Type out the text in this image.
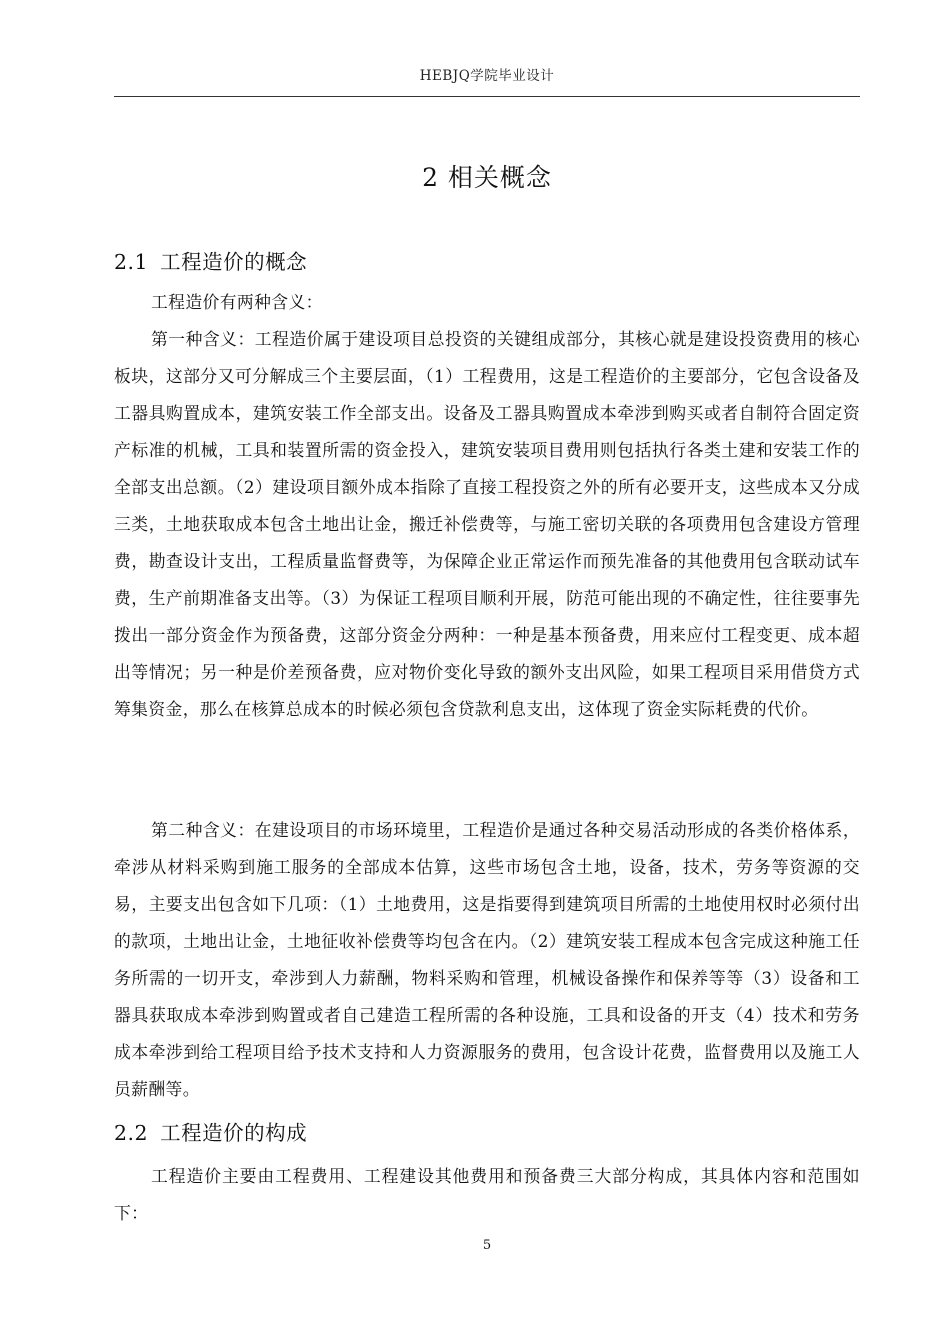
HEBJQ学院毕业设计
2 相关概念
2.1 工程造价的概念

工程造价有两种含义：

第一种含义：工程造价属于建设项目总投资的关键组成部分，其核心就是建设投资费用的核心板块，这部分又可分解成三个主要层面，（1）工程费用，这是工程造价的主要部分，它包含设备及工器具购置成本，建筑安装工作全部支出。设备及工器具购置成本牵涉到购买或者自制符合固定资产标准的机械，工具和装置所需的资金投入，建筑安装项目费用则包括执行各类土建和安装工作的全部支出总额。（2）建设项目额外成本指除了直接工程投资之外的所有必要开支，这些成本又分成三类，土地获取成本包含土地出让金，搬迁补偿费等，与施工密切关联的各项费用包含建设方管理费，勘查设计支出，工程质量监督费等，为保障企业正常运作而预先准备的其他费用包含联动试车费，生产前期准备支出等。（3）为保证工程项目顺利开展，防范可能出现的不确定性，往往要事先拨出一部分资金作为预备费，这部分资金分两种：一种是基本预备费，用来应付工程变更、成本超出等情况；另一种是价差预备费，应对物价变化导致的额外支出风险，如果工程项目采用借贷方式筹集资金，那么在核算总成本的时候必须包含贷款利息支出，这体现了资金实际耗费的代价。

第二种含义：在建设项目的市场环境里，工程造价是通过各种交易活动形成的各类价格体系，牵涉从材料采购到施工服务的全部成本估算，这些市场包含土地，设备，技术，劳务等资源的交易，主要支出包含如下几项：（1）土地费用，这是指要得到建筑项目所需的土地使用权时必须付出的款项，土地出让金，土地征收补偿费等均包含在内。（2）建筑安装工程成本包含完成这种施工任务所需的一切开支，牵涉到人力薪酬，物料采购和管理，机械设备操作和保养等等（3）设备和工器具获取成本牵涉到购置或者自己建造工程所需的各种设施，工具和设备的开支（4）技术和劳务成本牵涉到给工程项目给予技术支持和人力资源服务的费用，包含设计花费，监督费用以及施工人员薪酬等。

2.2 工程造价的构成

工程造价主要由工程费用、工程建设其他费用和预备费三大部分构成，其具体内容和范围如下：

5
